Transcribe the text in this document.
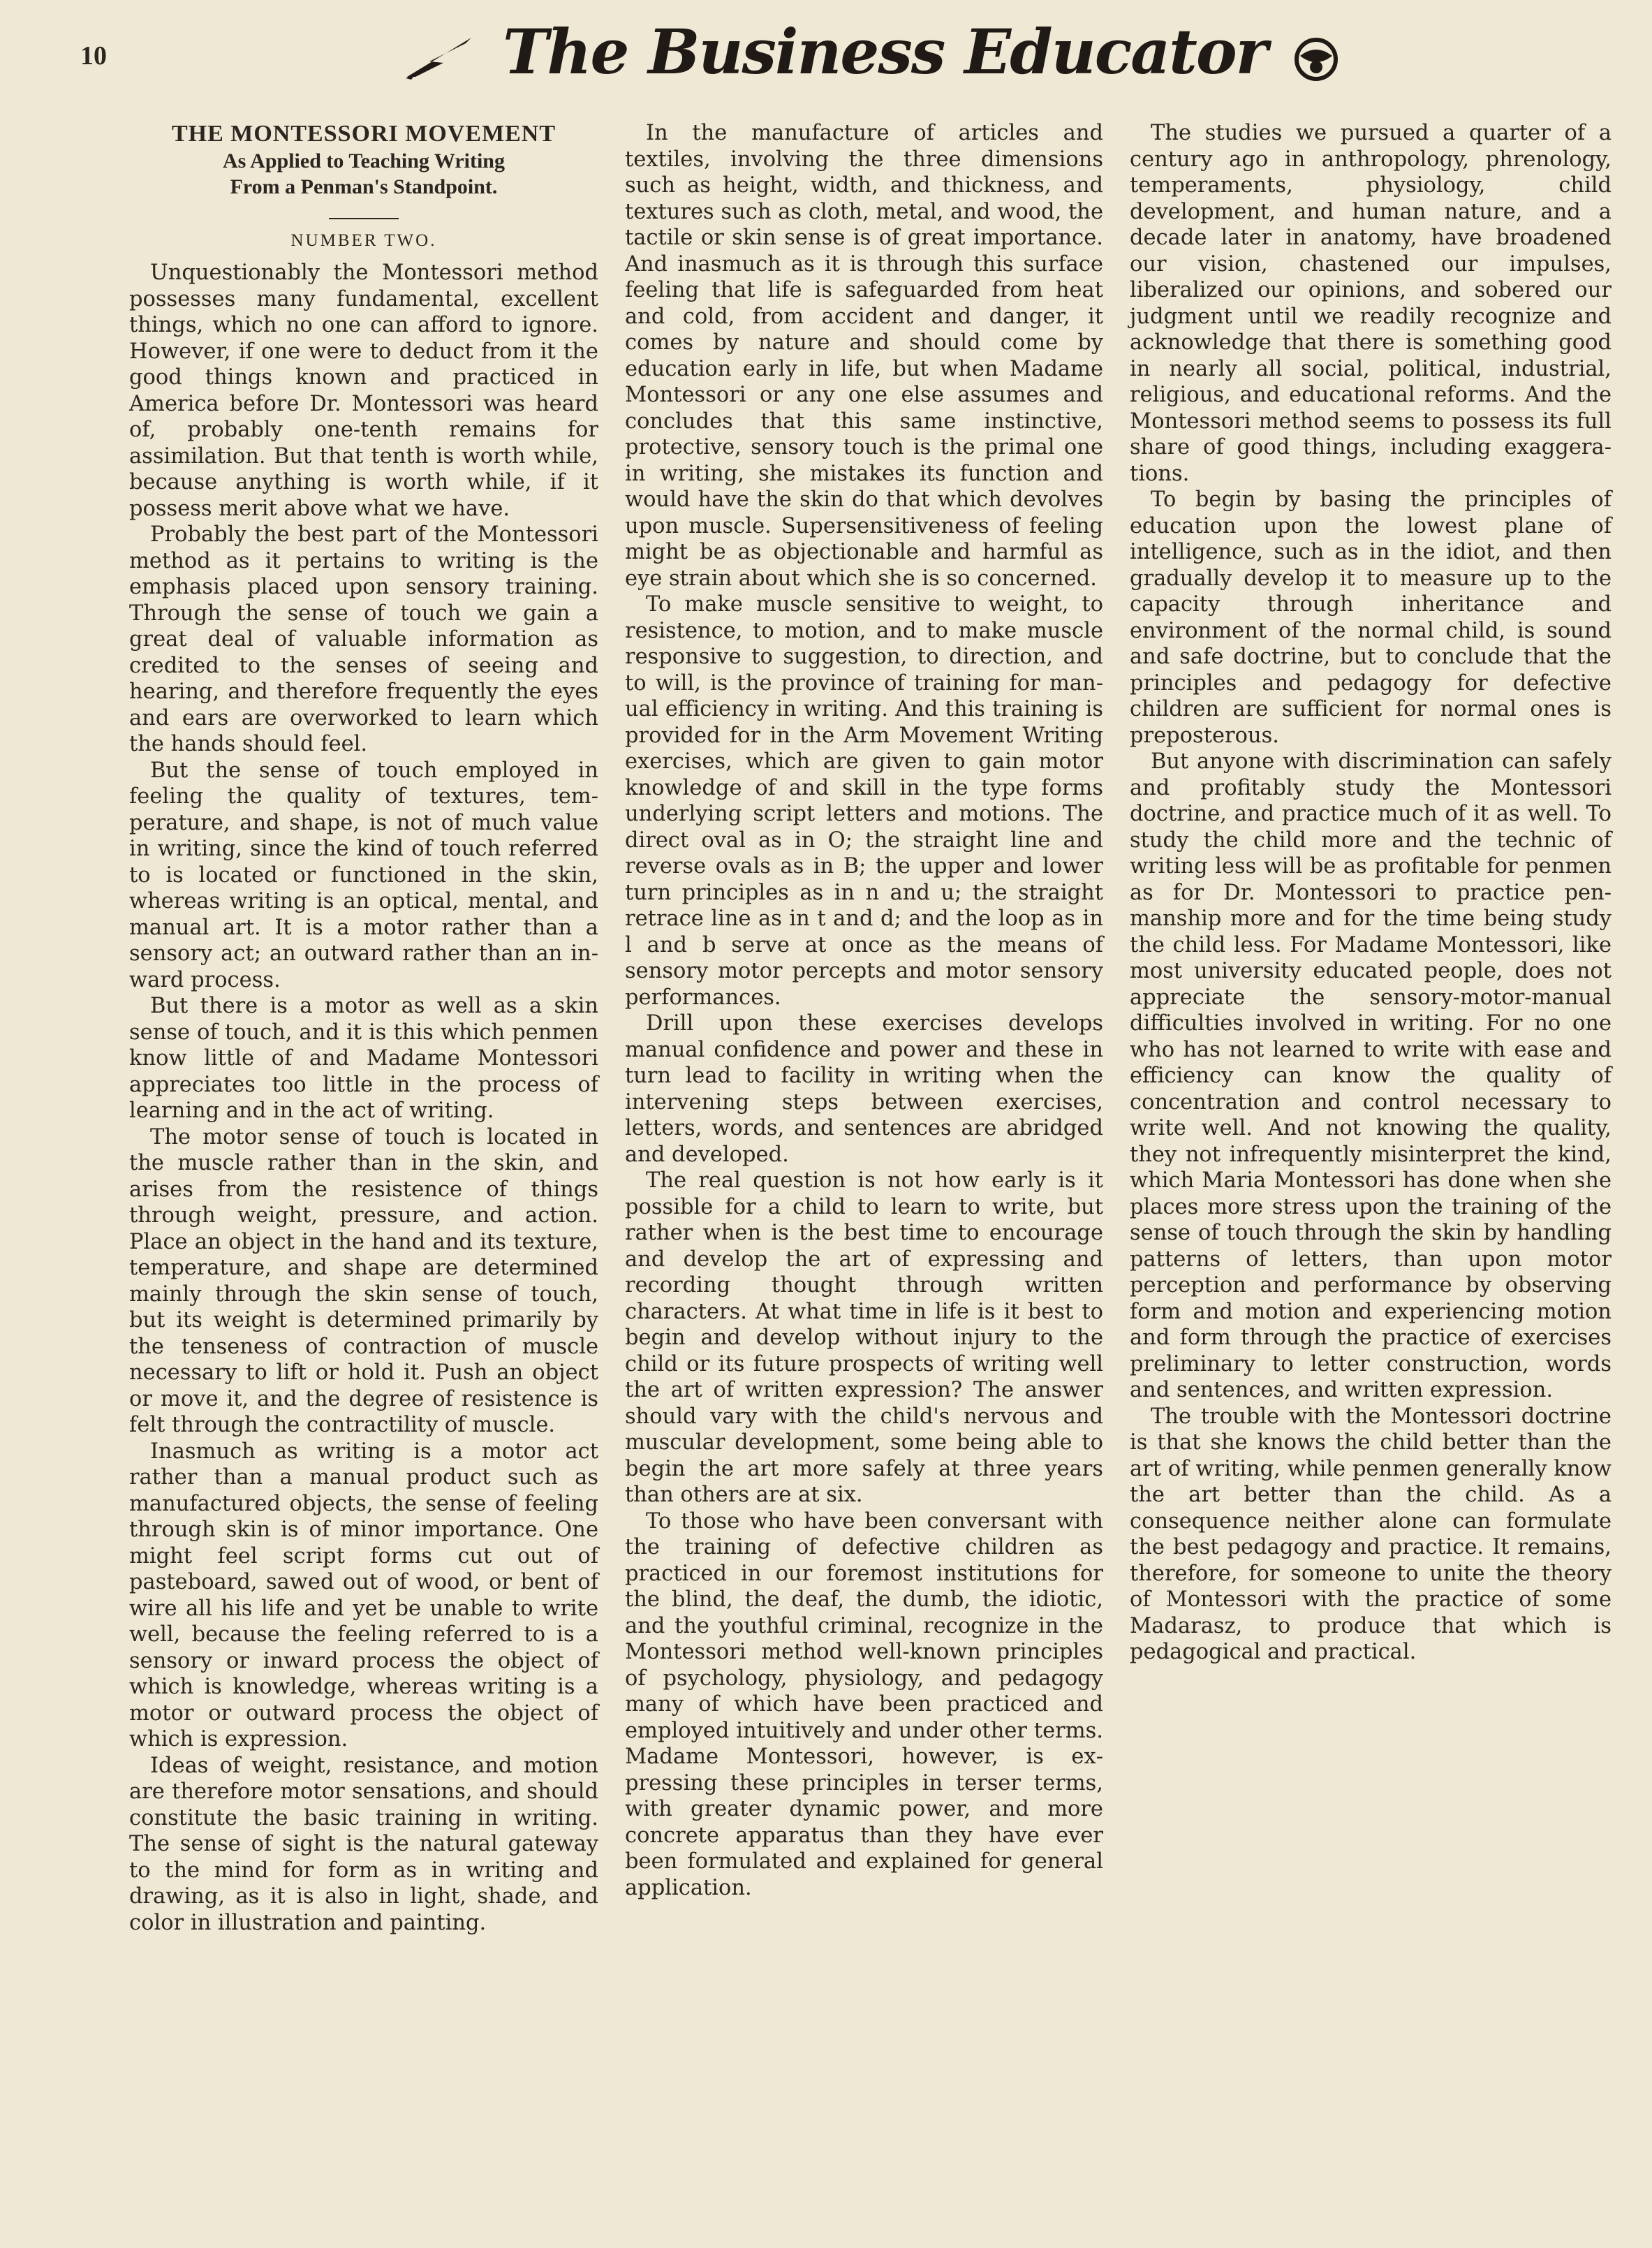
10	The Business Educator
THE MONTESSORI MOVEMENT
As Applied to Teaching Writing
From a Penman's Standpoint.
NUMBER TWO.

Unquestionably the Montessori method possesses many fundamental, excellent things, which no one can afford to ignore. However, if one were to deduct from it the good things known and practiced in America before Dr. Montessori was heard of, probably one-tenth remains for assimilation. But that tenth is worth while, because anything is worth while, if it possess merit above what we have.

Probably the best part of the Montessori method as it pertains to writing is the emphasis placed upon sensory training. Through the sense of touch we gain a great deal of valuable information as credited to the senses of seeing and hearing, and therefore frequently the eyes and ears are overworked to learn which the hands should feel.

But the sense of touch employed in feeling the quality of textures, temperature, and shape, is not of much value in writing, since the kind of touch referred to is located or functioned in the skin, whereas writing is an optical, mental, and manual art. It is a motor rather than a sensory act; an outward rather than an inward process.

But there is a motor as well as a skin sense of touch, and it is this which penmen know little of and Madame Montessori appreciates too little in the process of learning and in the act of writing.

The motor sense of touch is located in the muscle rather than in the skin, and arises from the resistence of things through weight, pressure, and action. Place an object in the hand and its texture, temperature, and shape are determined mainly through the skin sense of touch, but its weight is determined primarily by the tenseness of contraction of muscle necessary to lift or hold it. Push an object or move it, and the degree of resistence is felt through the contractility of muscle.

Inasmuch as writing is a motor act rather than a manual product such as manufactured objects, the sense of feeling through skin is of minor importance. One might feel script forms cut out of pasteboard, sawed out of wood, or bent of wire all his life and yet be unable to write well, because the feeling referred to is a sensory or inward process the object of which is knowledge, whereas writing is a motor or outward process the object of which is expression.

Ideas of weight, resistance, and motion are therefore motor sensations, and should constitute the basic training in writing. The sense of sight is the natural gateway to the mind for form as in writing and drawing, as it is also in light, shade, and color in illustration and painting.

In the manufacture of articles and textiles, involving the three dimensions such as height, width, and thickness, and textures such as cloth, metal, and wood, the tactile or skin sense is of great importance. And inasmuch as it is through this surface feeling that life is safeguarded from heat and cold, from accident and danger, it comes by nature and should come by education early in life, but when Madame Montessori or any one else assumes and concludes that this same instinctive, protective, sensory touch is the primal one in writing, she mistakes its function and would have the skin do that which devolves upon muscle. Supersensitiveness of feeling might be as objectionable and harmful as eye strain about which she is so concerned.

To make muscle sensitive to weight, to resistence, to motion, and to make muscle responsive to suggestion, to direction, and to will, is the province of training for manual efficiency in writing. And this training is provided for in the Arm Movement Writing exercises, which are given to gain motor knowledge of and skill in the type forms underlying script letters and motions. The direct oval as in O; the straight line and reverse ovals as in B; the upper and lower turn principles as in n and u; the straight retrace line as in t and d; and the loop as in l and b serve at once as the means of sensory motor percepts and motor sensory performances.

Drill upon these exercises develops manual confidence and power and these in turn lead to facility in writing when the intervening steps between exercises, letters, words, and sentences are abridged and developed.

The real question is not how early is it possible for a child to learn to write, but rather when is the best time to encourage and develop the art of expressing and recording thought through written characters. At what time in life is it best to begin and develop without injury to the child or its future prospects of writing well the art of written expression? The answer should vary with the child's nervous and muscular development, some being able to begin the art more safely at three years than others are at six.

To those who have been conversant with the training of defective children as practiced in our foremost institutions for the blind, the deaf, the dumb, the idiotic, and the youthful criminal, recognize in the Montessori method well-known principles of psychology, physiology, and pedagogy many of which have been practiced and employed intuitively and under other terms. Madame Montessori, however, is expressing these principles in terser terms, with greater dynamic power, and more concrete apparatus than they have ever been formulated and explained for general application.

The studies we pursued a quarter of a century ago in anthropology, phrenology, temperaments, physiology, child development, and human nature, and a decade later in anatomy, have broadened our vision, chastened our impulses, liberalized our opinions, and sobered our judgment until we readily recognize and acknowledge that there is something good in nearly all social, political, industrial, religious, and educational reforms. And the Montessori method seems to possess its full share of good things, including exaggerations.

To begin by basing the principles of education upon the lowest plane of intelligence, such as in the idiot, and then gradually develop it to measure up to the capacity through inheritance and environment of the normal child, is sound and safe doctrine, but to conclude that the principles and pedagogy for defective children are sufficient for normal ones is preposterous.

But anyone with discrimination can safely and profitably study the Montessori doctrine, and practice much of it as well. To study the child more and the technic of writing less will be as profitable for penmen as for Dr. Montessori to practice penmanship more and for the time being study the child less. For Madame Montessori, like most university educated people, does not appreciate the sensory-motor-manual difficulties involved in writing. For no one who has not learned to write with ease and efficiency can know the quality of concentration and control necessary to write well. And not knowing the quality, they not infrequently misinterpret the kind, which Maria Montessori has done when she places more stress upon the training of the sense of touch through the skin by handling patterns of letters, than upon motor perception and performance by observing form and motion and experiencing motion and form through the practice of exercises preliminary to letter construction, words and sentences, and written expression.

The trouble with the Montessori doctrine is that she knows the child better than the art of writing, while penmen generally know the art better than the child. As a consequence neither alone can formulate the best pedagogy and practice. It remains, therefore, for someone to unite the theory of Montessori with the practice of some Madarasz, to produce that which is pedagogical and practical.
